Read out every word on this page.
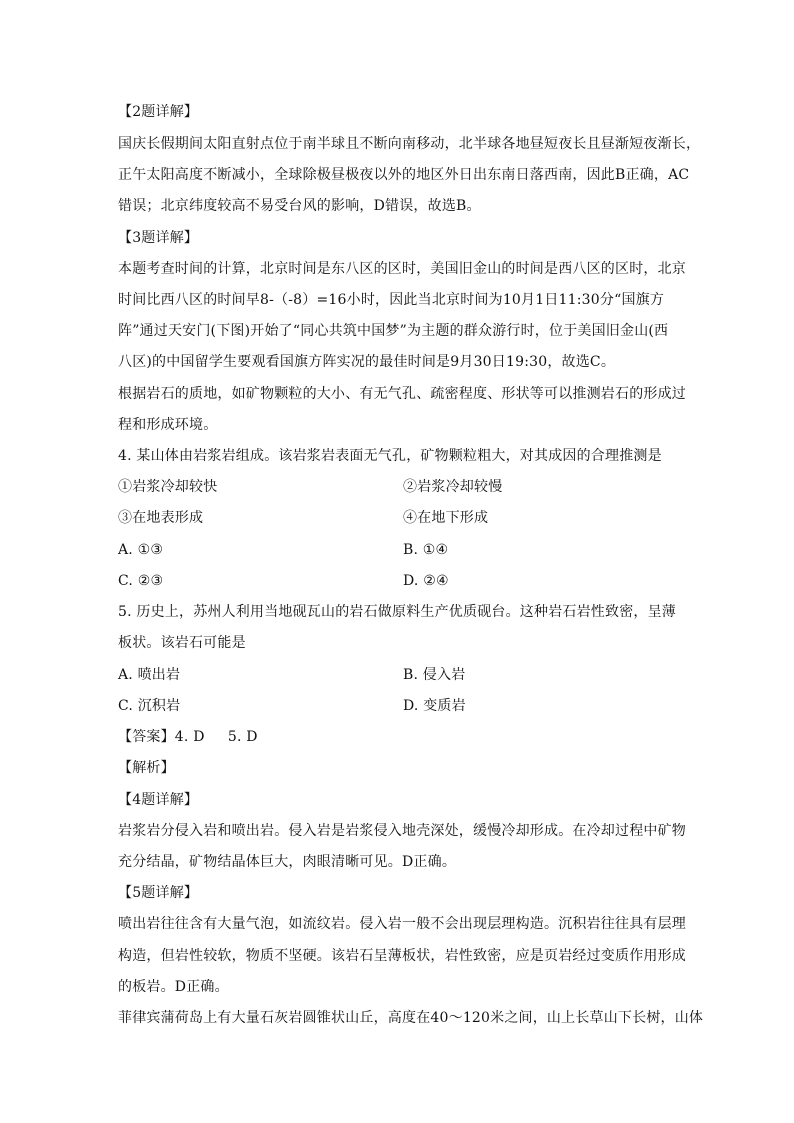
【2题详解】
国庆长假期间太阳直射点位于南半球且不断向南移动，北半球各地昼短夜长且昼渐短夜渐长，
正午太阳高度不断减小，全球除极昼极夜以外的地区外日出东南日落西南，因此B正确，AC
错误；北京纬度较高不易受台风的影响，D错误，故选B。
【3题详解】
本题考查时间的计算，北京时间是东八区的区时，美国旧金山的时间是西八区的区时，北京
时间比西八区的时间早8-（-8）=16小时，因此当北京时间为10月1日11:30分“国旗方
阵”通过天安门(下图)开始了“同心共筑中国梦”为主题的群众游行时，位于美国旧金山(西
八区)的中国留学生要观看国旗方阵实况的最佳时间是9月30日19:30，故选C。
根据岩石的质地，如矿物颗粒的大小、有无气孔、疏密程度、形状等可以推测岩石的形成过
程和形成环境。
4. 某山体由岩浆岩组成。该岩浆岩表面无气孔，矿物颗粒粗大，对其成因的合理推测是
①岩浆冷却较快	②岩浆冷却较慢
③在地表形成	④在地下形成
A. ①③	B. ①④
C. ②③	D. ②④
5. 历史上，苏州人利用当地砚瓦山的岩石做原料生产优质砚台。这种岩石岩性致密，呈薄
板状。该岩石可能是
A. 喷出岩	B. 侵入岩
C. 沉积岩	D. 变质岩
【答案】4. D     5. D
【解析】
【4题详解】
岩浆岩分侵入岩和喷出岩。侵入岩是岩浆侵入地壳深处，缓慢冷却形成。在冷却过程中矿物
充分结晶，矿物结晶体巨大，肉眼清晰可见。D正确。
【5题详解】
喷出岩往往含有大量气泡，如流纹岩。侵入岩一般不会出现层理构造。沉积岩往往具有层理
构造，但岩性较软，物质不坚硬。该岩石呈薄板状，岩性致密，应是页岩经过变质作用形成
的板岩。D正确。
菲律宾蒲荷岛上有大量石灰岩圆锥状山丘，高度在40～120米之间，山上长草山下长树，山体
